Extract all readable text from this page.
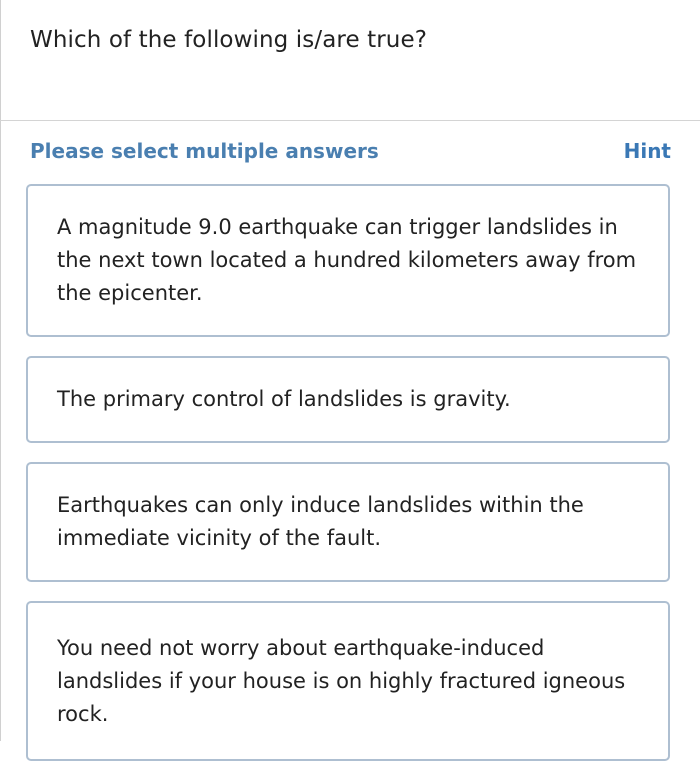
Which of the following is/are true?
Please select multiple answers	Hint
A magnitude 9.0 earthquake can trigger landslides in the next town located a hundred kilometers away from the epicenter.
The primary control of landslides is gravity.
Earthquakes can only induce landslides within the immediate vicinity of the fault.
You need not worry about earthquake-induced landslides if your house is on highly fractured igneous rock.
